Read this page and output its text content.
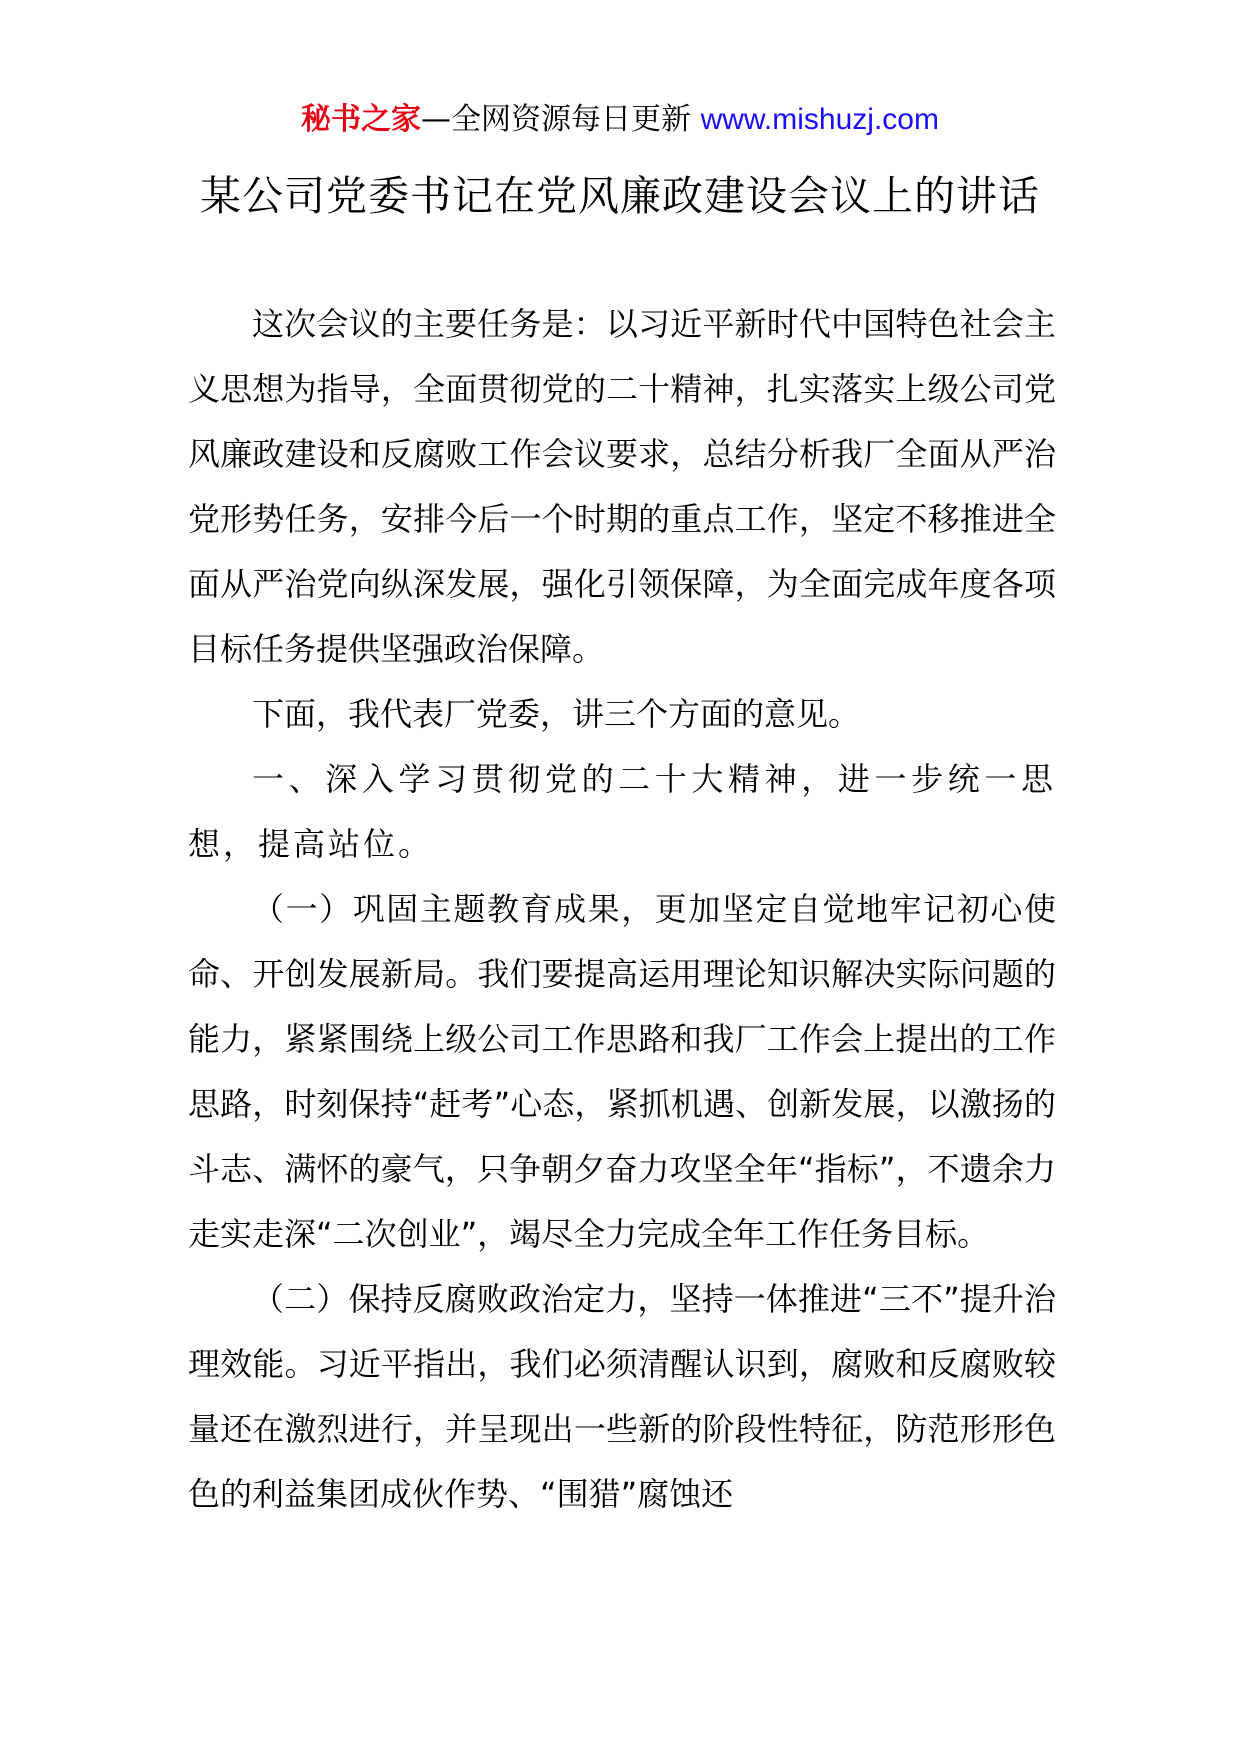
秘书之家—全网资源每日更新 www.mishuzj.com
某公司党委书记在党风廉政建设会议上的讲话

这次会议的主要任务是：以习近平新时代中国特色社会主义思想为指导，全面贯彻党的二十精神，扎实落实上级公司党风廉政建设和反腐败工作会议要求，总结分析我厂全面从严治党形势任务，安排今后一个时期的重点工作，坚定不移推进全面从严治党向纵深发展，强化引领保障，为全面完成年度各项目标任务提供坚强政治保障。

下面，我代表厂党委，讲三个方面的意见。

一、深入学习贯彻党的二十大精神，进一步统一思想，提高站位。

（一）巩固主题教育成果，更加坚定自觉地牢记初心使命、开创发展新局。我们要提高运用理论知识解决实际问题的能力，紧紧围绕上级公司工作思路和我厂工作会上提出的工作思路，时刻保持“赶考”心态，紧抓机遇、创新发展，以激扬的斗志、满怀的豪气，只争朝夕奋力攻坚全年“指标”，不遗余力走实走深“二次创业”，竭尽全力完成全年工作任务目标。

（二）保持反腐败政治定力，坚持一体推进“三不”提升治理效能。习近平指出，我们必须清醒认识到，腐败和反腐败较量还在激烈进行，并呈现出一些新的阶段性特征，防范形形色色的利益集团成伙作势、“围猎”腐蚀还
